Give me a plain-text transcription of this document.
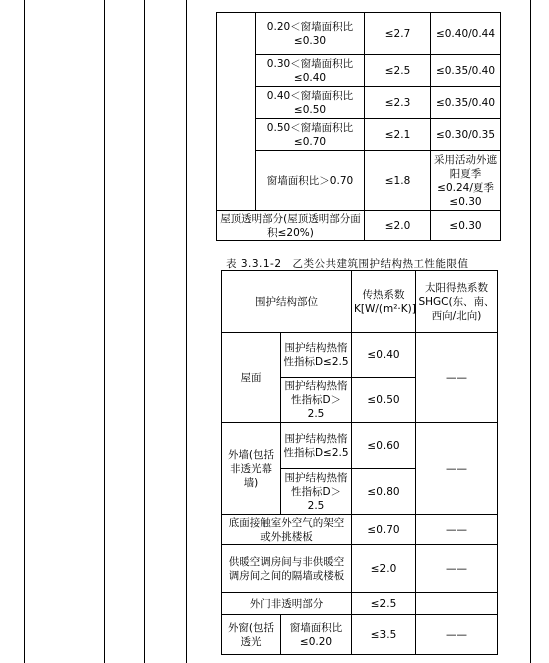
	0.20＜窗墙面积比≤0.30	≤2.7	≤0.40/0.44
	0.30＜窗墙面积比≤0.40	≤2.5	≤0.35/0.40
	0.40＜窗墙面积比≤0.50	≤2.3	≤0.35/0.40
	0.50＜窗墙面积比≤0.70	≤2.1	≤0.30/0.35
	窗墙面积比＞0.70	≤1.8	采用活动外遮阳夏季≤0.24/夏季≤0.30
屋顶透明部分(屋顶透明部分面积≤20%)		≤2.0	≤0.30
表 3.3.1-2　乙类公共建筑围护结构热工性能限值
围护结构部位		传热系数K[W/(m²·K)]	太阳得热系数SHGC(东、南、西向/北向)
屋面	围护结构热惰性指标D≤2.5	≤0.40	——
	围护结构热惰性指标D＞2.5	≤0.50	
外墙(包括非透光幕墙)	围护结构热惰性指标D≤2.5	≤0.60	——
	围护结构热惰性指标D＞2.5	≤0.80	
底面接触室外空气的架空或外挑楼板		≤0.70	——
供暖空调房间与非供暖空调房间之间的隔墙或楼板		≤2.0	——
外门非透明部分		≤2.5	
外窗(包括透光	窗墙面积比≤0.20	≤3.5	——
